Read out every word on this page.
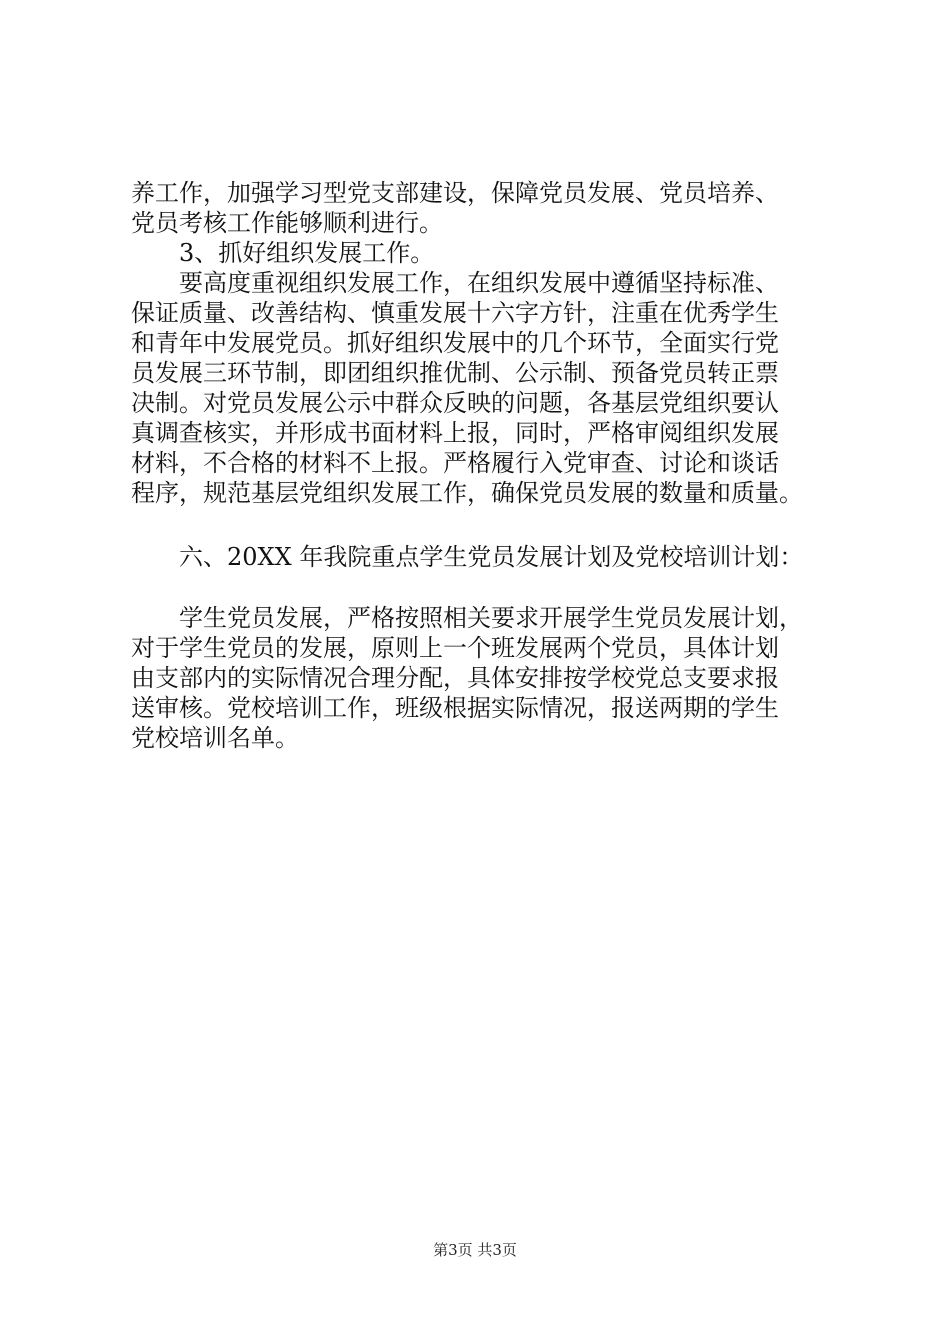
养工作，加强学习型党支部建设，保障党员发展、党员培养、
党员考核工作能够顺利进行。
3、抓好组织发展工作。
要高度重视组织发展工作，在组织发展中遵循坚持标准、
保证质量、改善结构、慎重发展十六字方针，注重在优秀学生
和青年中发展党员。抓好组织发展中的几个环节，全面实行党
员发展三环节制，即团组织推优制、公示制、预备党员转正票
决制。对党员发展公示中群众反映的问题，各基层党组织要认
真调查核实，并形成书面材料上报，同时，严格审阅组织发展
材料，不合格的材料不上报。严格履行入党审查、讨论和谈话
程序，规范基层党组织发展工作，确保党员发展的数量和质量。
六、20XX 年我院重点学生党员发展计划及党校培训计划：
学生党员发展，严格按照相关要求开展学生党员发展计划，
对于学生党员的发展，原则上一个班发展两个党员，具体计划
由支部内的实际情况合理分配，具体安排按学校党总支要求报
送审核。党校培训工作，班级根据实际情况，报送两期的学生
党校培训名单。
第3页 共3页
